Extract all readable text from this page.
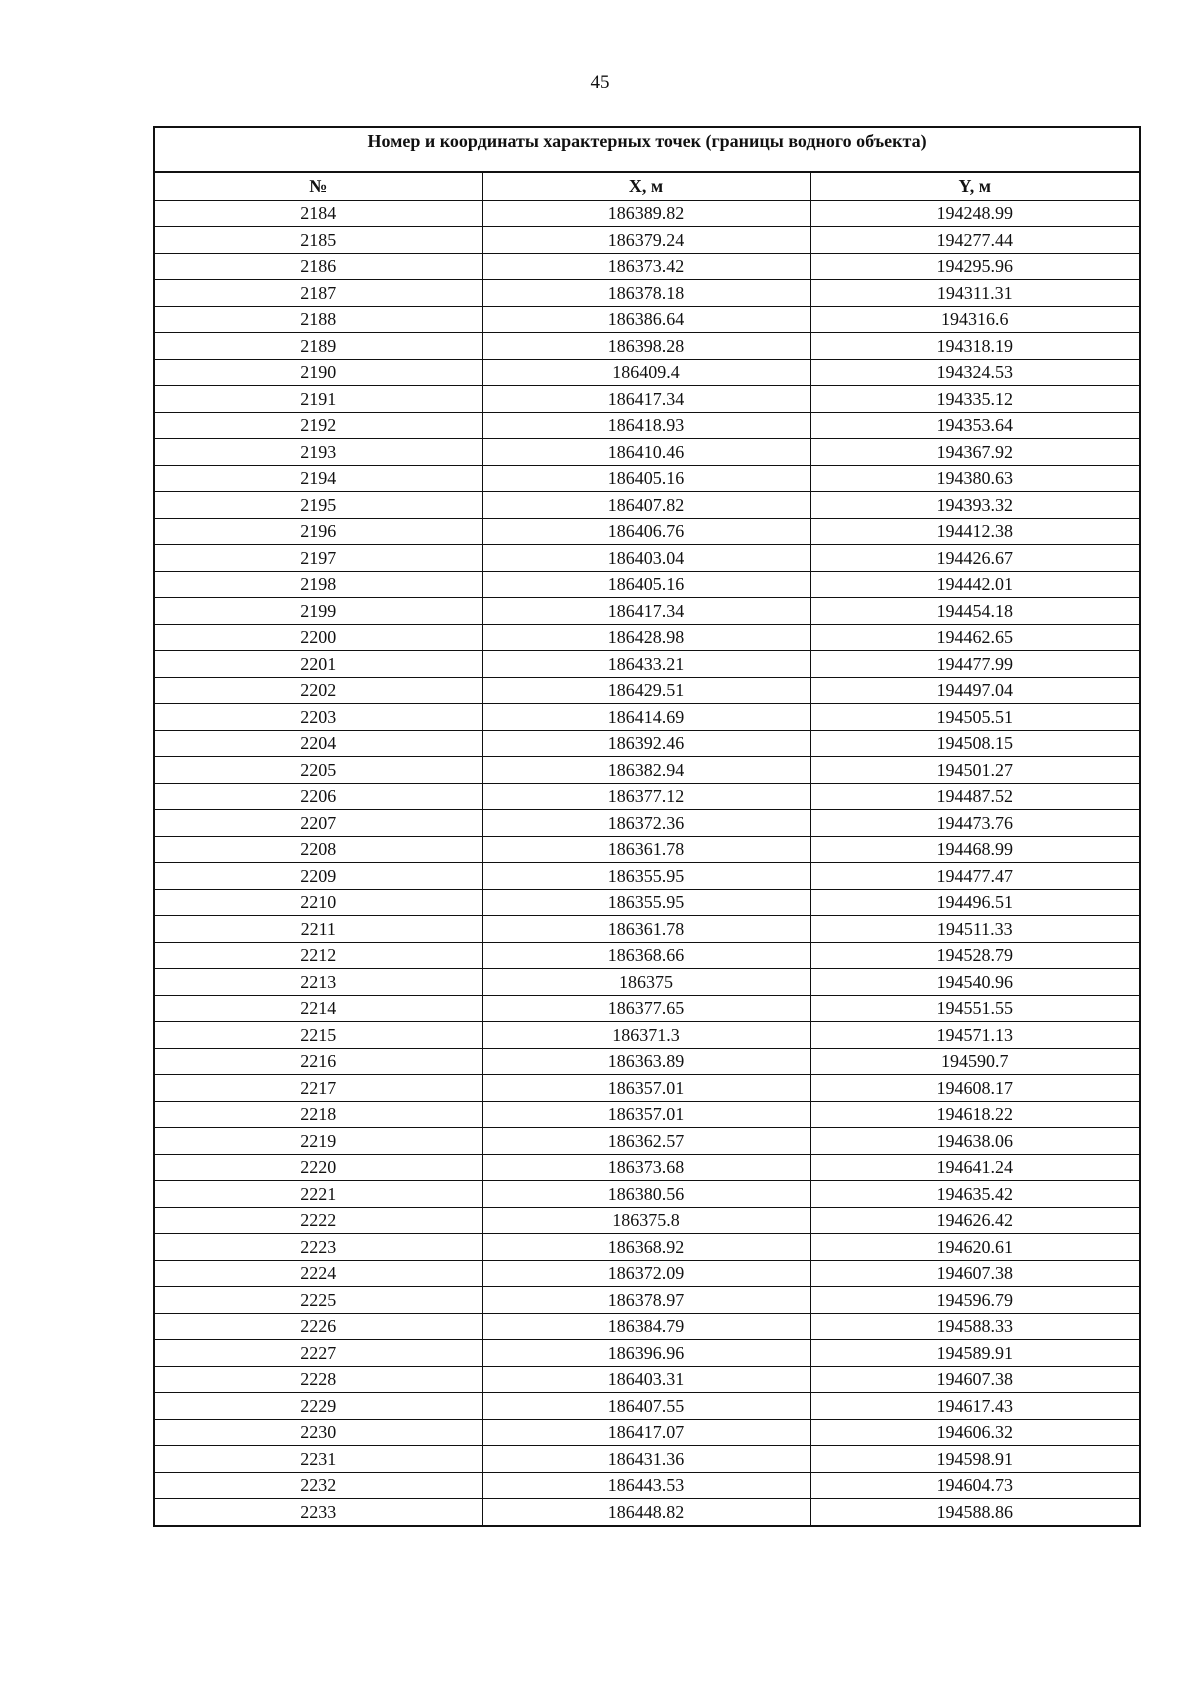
45
Номер и координаты характерных точек (границы водного объекта)
№	X, м	Y, м
2184	186389.82	194248.99
2185	186379.24	194277.44
2186	186373.42	194295.96
2187	186378.18	194311.31
2188	186386.64	194316.6
2189	186398.28	194318.19
2190	186409.4	194324.53
2191	186417.34	194335.12
2192	186418.93	194353.64
2193	186410.46	194367.92
2194	186405.16	194380.63
2195	186407.82	194393.32
2196	186406.76	194412.38
2197	186403.04	194426.67
2198	186405.16	194442.01
2199	186417.34	194454.18
2200	186428.98	194462.65
2201	186433.21	194477.99
2202	186429.51	194497.04
2203	186414.69	194505.51
2204	186392.46	194508.15
2205	186382.94	194501.27
2206	186377.12	194487.52
2207	186372.36	194473.76
2208	186361.78	194468.99
2209	186355.95	194477.47
2210	186355.95	194496.51
2211	186361.78	194511.33
2212	186368.66	194528.79
2213	186375	194540.96
2214	186377.65	194551.55
2215	186371.3	194571.13
2216	186363.89	194590.7
2217	186357.01	194608.17
2218	186357.01	194618.22
2219	186362.57	194638.06
2220	186373.68	194641.24
2221	186380.56	194635.42
2222	186375.8	194626.42
2223	186368.92	194620.61
2224	186372.09	194607.38
2225	186378.97	194596.79
2226	186384.79	194588.33
2227	186396.96	194589.91
2228	186403.31	194607.38
2229	186407.55	194617.43
2230	186417.07	194606.32
2231	186431.36	194598.91
2232	186443.53	194604.73
2233	186448.82	194588.86
